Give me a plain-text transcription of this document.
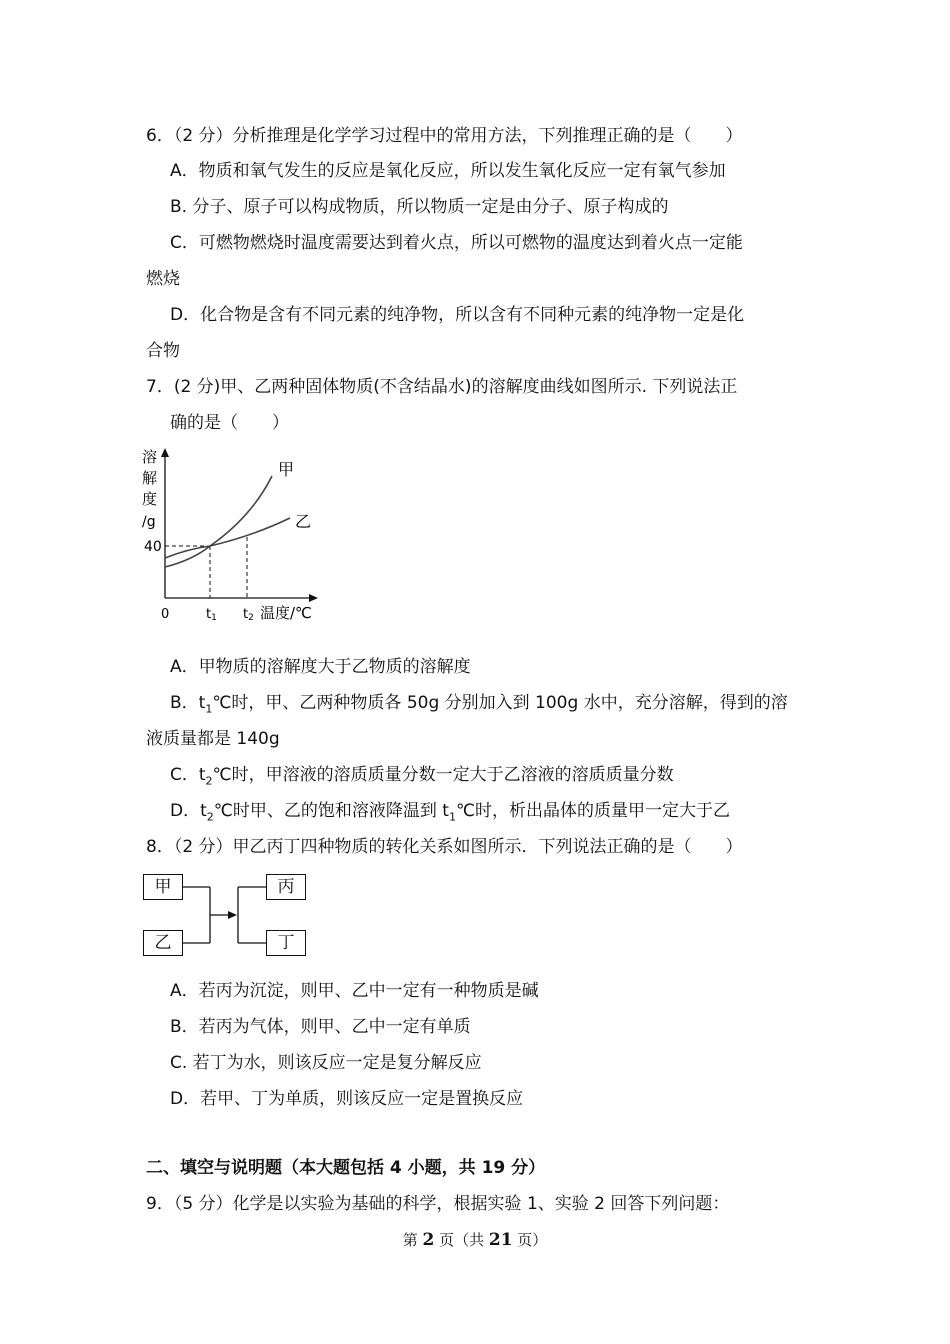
6．（2 分）分析推理是化学学习过程中的常用方法，下列推理正确的是（　　）
A．物质和氧气发生的反应是氧化反应，所以发生氧化反应一定有氧气参加
B. 分子、原子可以构成物质，所以物质一定是由分子、原子构成的
C．可燃物燃烧时温度需要达到着火点，所以可燃物的温度达到着火点一定能
燃烧
D．化合物是含有不同元素的纯净物，所以含有不同种元素的纯净物一定是化
合物
7．(2 分)甲、乙两种固体物质(不含结晶水)的溶解度曲线如图所示. 下列说法正
确的是（　　）
溶
解
度
/g
40
甲
乙
0	t1 t2 温度/℃
A．甲物质的溶解度大于乙物质的溶解度
B．$t_1℃$时，甲、乙两种物质各 50g 分别加入到 100g 水中，充分溶解，得到的溶
液质量都是 140g
C．$t_2℃$时，甲溶液的溶质质量分数一定大于乙溶液的溶质质量分数
D．$t_2℃$时甲、乙的饱和溶液降温到 $t_1℃$时，析出晶体的质量甲一定大于乙
8．（2 分）甲乙丙丁四种物质的转化关系如图所示．下列说法正确的是（　　）
甲
乙
丙
丁
A．若丙为沉淀，则甲、乙中一定有一种物质是碱
B．若丙为气体，则甲、乙中一定有单质
C. 若丁为水，则该反应一定是复分解反应
D．若甲、丁为单质，则该反应一定是置换反应
二、填空与说明题（本大题包括 4 小题，共 19 分）
9．（5 分）化学是以实验为基础的科学，根据实验 1、实验 2 回答下列问题：
第 2 页（共 21 页）
